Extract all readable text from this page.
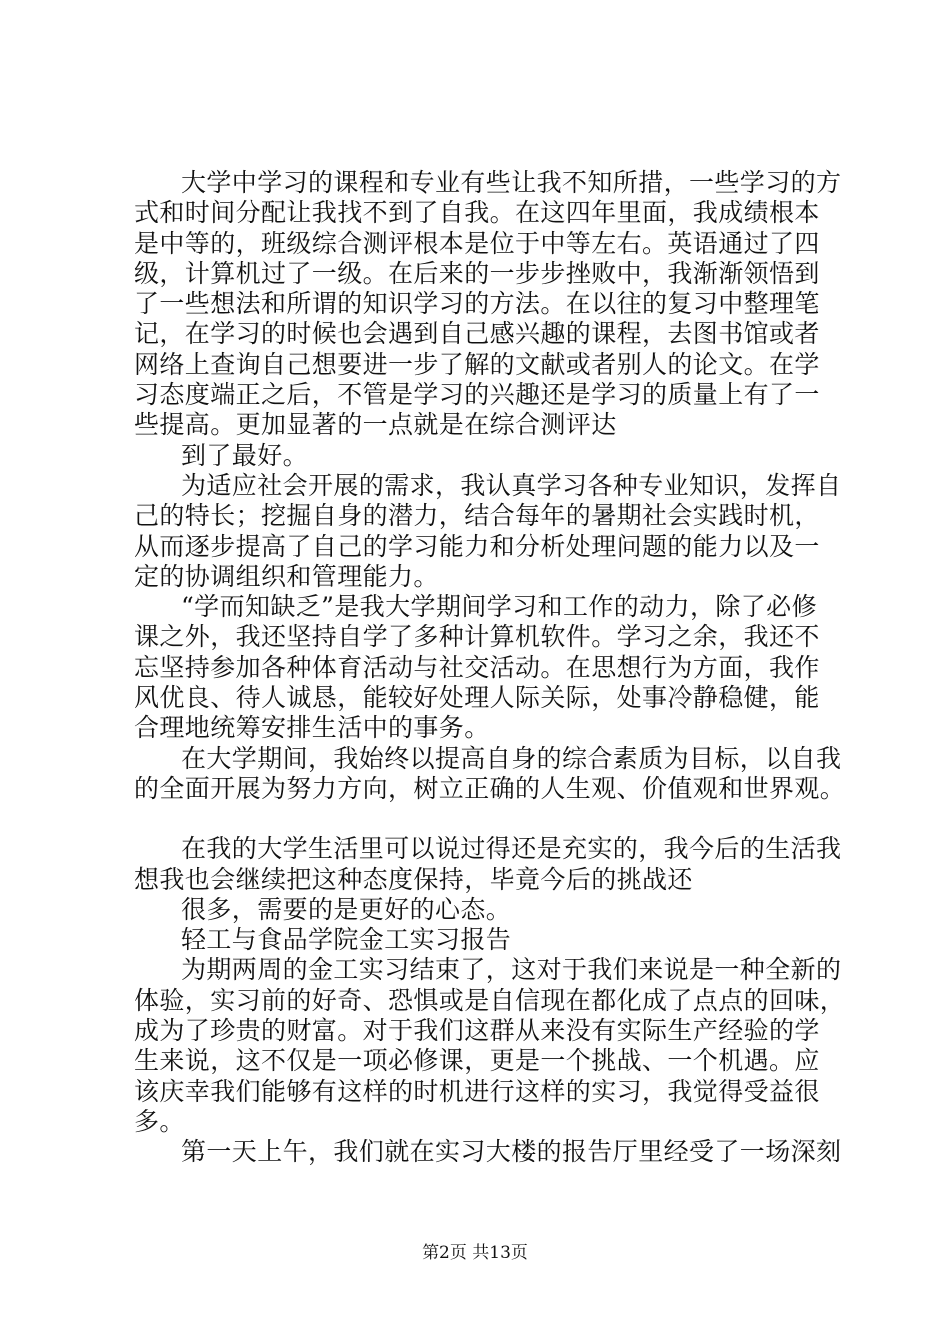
大学中学习的课程和专业有些让我不知所措，一些学习的方
式和时间分配让我找不到了自我。在这四年里面，我成绩根本
是中等的，班级综合测评根本是位于中等左右。英语通过了四
级，计算机过了一级。在后来的一步步挫败中，我渐渐领悟到
了一些想法和所谓的知识学习的方法。在以往的复习中整理笔
记，在学习的时候也会遇到自己感兴趣的课程，去图书馆或者
网络上查询自己想要进一步了解的文献或者别人的论文。在学
习态度端正之后，不管是学习的兴趣还是学习的质量上有了一
些提高。更加显著的一点就是在综合测评达

到了最好。

为适应社会开展的需求，我认真学习各种专业知识，发挥自
己的特长；挖掘自身的潜力，结合每年的暑期社会实践时机，
从而逐步提高了自己的学习能力和分析处理问题的能力以及一
定的协调组织和管理能力。

“学而知缺乏”是我大学期间学习和工作的动力，除了必修
课之外，我还坚持自学了多种计算机软件。学习之余，我还不
忘坚持参加各种体育活动与社交活动。在思想行为方面，我作
风优良、待人诚恳，能较好处理人际关际，处事冷静稳健，能
合理地统筹安排生活中的事务。

在大学期间，我始终以提高自身的综合素质为目标，以自我
的全面开展为努力方向，树立正确的人生观、价值观和世界观。

在我的大学生活里可以说过得还是充实的，我今后的生活我
想我也会继续把这种态度保持，毕竟今后的挑战还

很多，需要的是更好的心态。

轻工与食品学院金工实习报告

为期两周的金工实习结束了，这对于我们来说是一种全新的
体验，实习前的好奇、恐惧或是自信现在都化成了点点的回味，
成为了珍贵的财富。对于我们这群从来没有实际生产经验的学
生来说，这不仅是一项必修课，更是一个挑战、一个机遇。应
该庆幸我们能够有这样的时机进行这样的实习，我觉得受益很
多。

第一天上午，我们就在实习大楼的报告厅里经受了一场深刻

第2页 共13页
